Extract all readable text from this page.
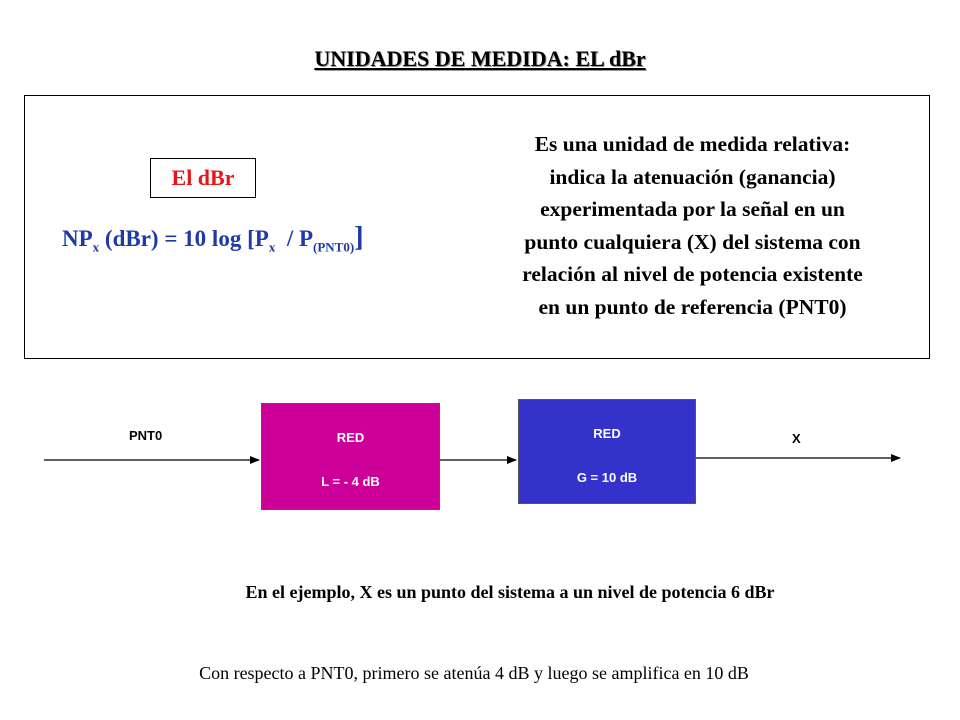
UNIDADES DE MEDIDA: EL dBr
El dBr
$NP_x$ (dBr) = 10 $\log [P_x / P_{(PNT0)}]$
Es una unidad de medida relativa:
indica la atenuación (ganancia)
experimentada por la señal en un
punto cualquiera (X) del sistema con
relación al nivel de potencia existente
en un punto de referencia (PNT0)
PNT0	X
RED
L = - 4 dB
RED
G = 10 dB
En el ejemplo, X es un punto del sistema a un nivel de potencia 6 dBr
Con respecto a PNT0, primero se atenúa 4 dB y luego se amplifica en 10 dB
